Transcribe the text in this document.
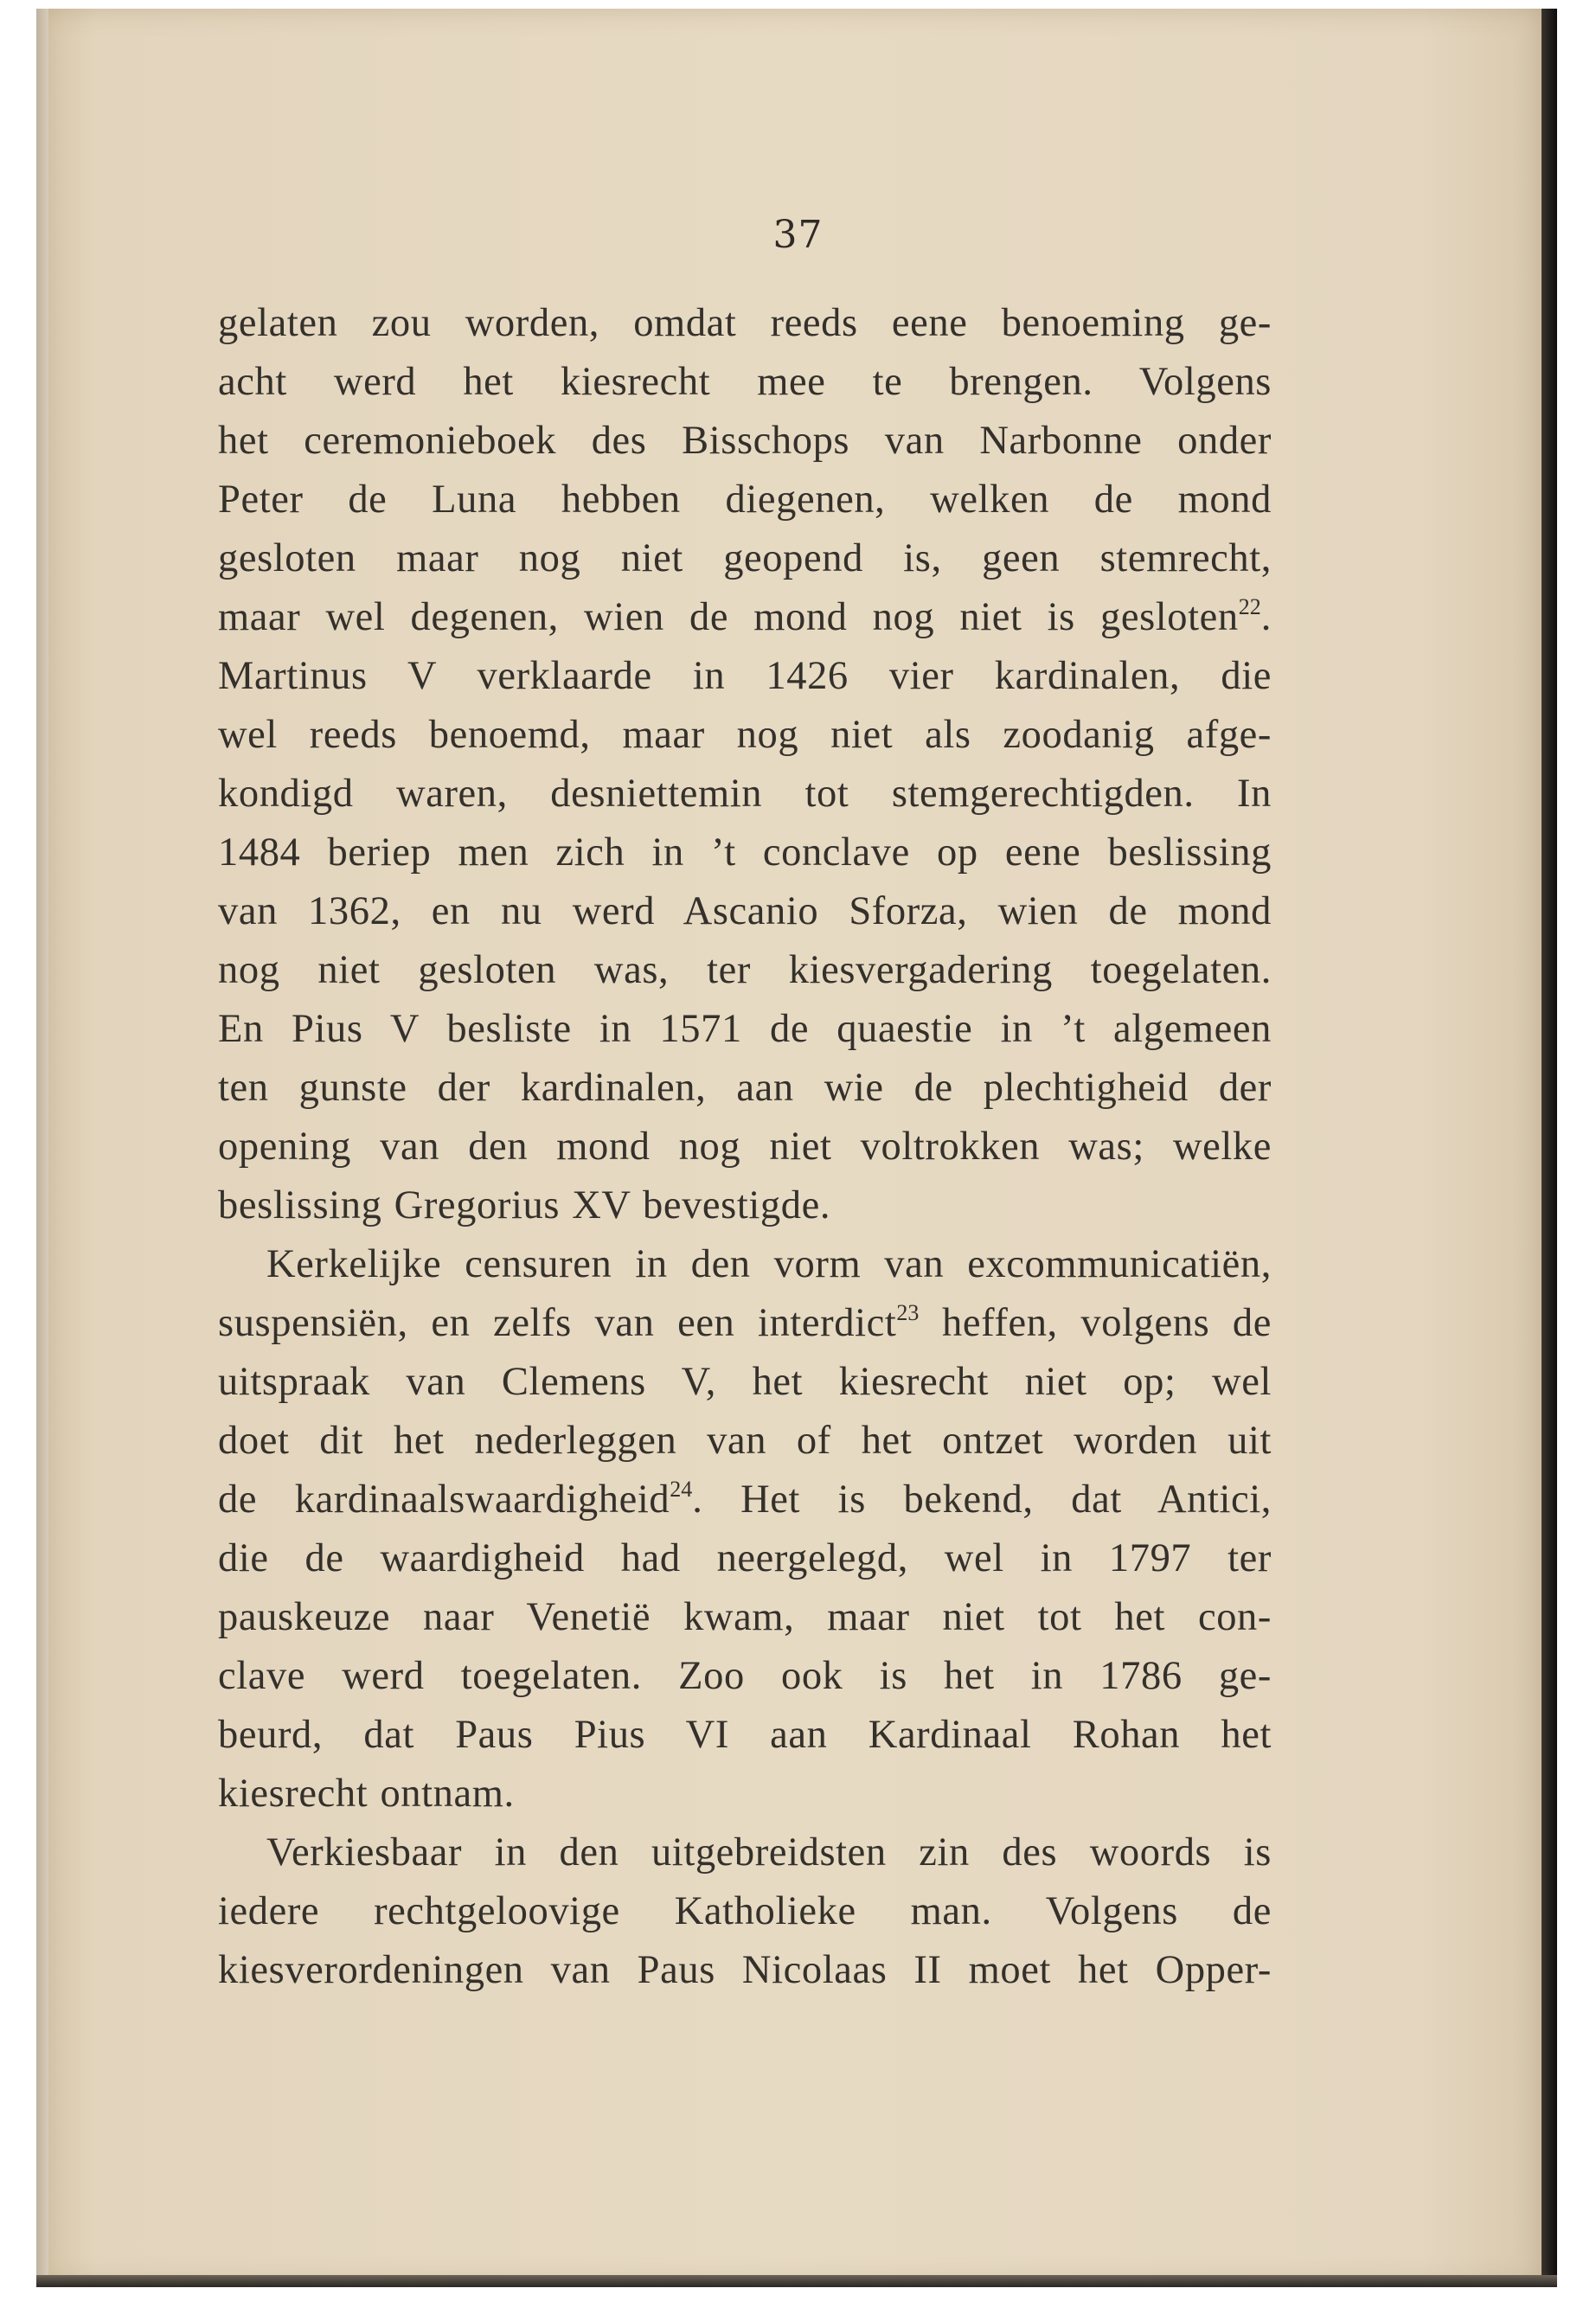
37
gelaten zou worden, omdat reeds eene benoeming ge-
acht werd het kiesrecht mee te brengen. Volgens
het ceremonieboek des Bisschops van Narbonne onder
Peter de Luna hebben diegenen, welken de mond
gesloten maar nog niet geopend is, geen stemrecht,
maar wel degenen, wien de mond nog niet is gesloten$^{22}$.
Martinus V verklaarde in 1426 vier kardinalen, die
wel reeds benoemd, maar nog niet als zoodanig afge-
kondigd waren, desniettemin tot stemgerechtigden. In
1484 beriep men zich in ’t conclave op eene beslissing
van 1362, en nu werd Ascanio Sforza, wien de mond
nog niet gesloten was, ter kiesvergadering toegelaten.
En Pius V besliste in 1571 de quaestie in ’t algemeen
ten gunste der kardinalen, aan wie de plechtigheid der
opening van den mond nog niet voltrokken was; welke
beslissing Gregorius XV bevestigde.
Kerkelijke censuren in den vorm van excommunicatiën,
suspensiën, en zelfs van een interdict$^{23}$ heffen, volgens de
uitspraak van Clemens V, het kiesrecht niet op; wel
doet dit het nederleggen van of het ontzet worden uit
de kardinaalswaardigheid$^{24}$. Het is bekend, dat Antici,
die de waardigheid had neergelegd, wel in 1797 ter
pauskeuze naar Venetië kwam, maar niet tot het con-
clave werd toegelaten. Zoo ook is het in 1786 ge-
beurd, dat Paus Pius VI aan Kardinaal Rohan het
kiesrecht ontnam.
Verkiesbaar in den uitgebreidsten zin des woords is
iedere rechtgeloovige Katholieke man. Volgens de
kiesverordeningen van Paus Nicolaas II moet het Opper-
